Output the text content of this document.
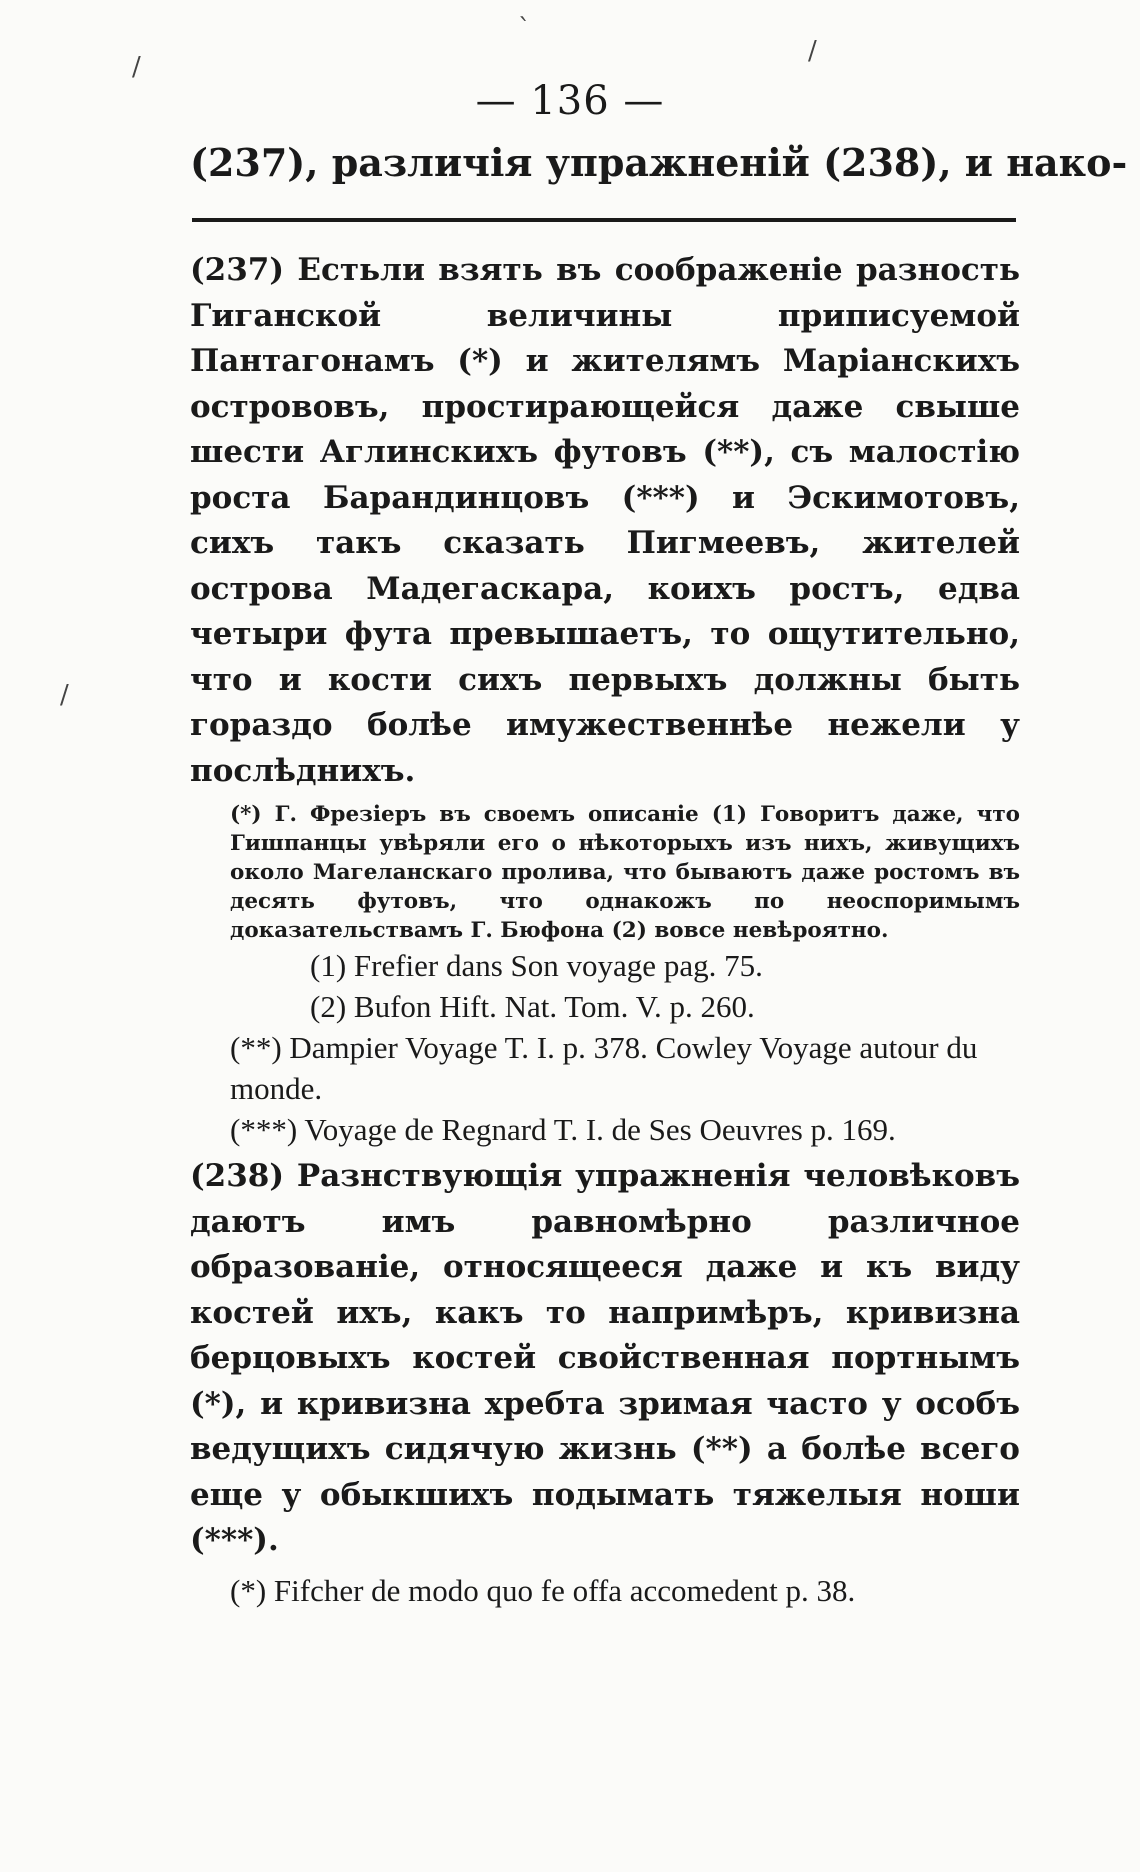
— 136 —
(237), различія упражненій (238), и нако-

(237) Естьли взять въ соображеніе разность Гиганской величины приписуемой Пантагонамъ (*) и жителямъ Маріанскихъ острововъ, простирающейся даже свыше шести Аглинскихъ футовъ (**), съ малостію роста Барандинцовъ (***) и Эскимотовъ, сихъ такъ сказать Пигмеевъ, жителей острова Мадегаскара, коихъ ростъ, едва четыри фута превышаетъ, то ощутительно, что и кости сихъ первыхъ должны быть гораздо болѣе имужественнѣе нежели у послѣднихъ.

(*) Г. Фрезіеръ въ своемъ описаніе (1) Говоритъ даже, что Гишпанцы увѣряли его о нѣкоторыхъ изъ нихъ, живущихъ около Магеланскаго пролива, что бываютъ даже ростомъ въ десять футовъ, что однакожъ по неоспоримымъ доказательствамъ Г. Бюфона (2) вовсе невѣроятно.

(1) Frefier dans Son voyage pag. 75.

(2) Bufon Hift. Nat. Tom. V. p. 260.

(**) Dampier Voyage T. I. p. 378. Cowley Voyage autour du monde.

(***) Voyage de Regnard T. I. de Ses Oeuvres p. 169.

(238) Разнствующія упражненія человѣковъ даютъ имъ равномѣрно различное образованіе, относящееся даже и къ виду костей ихъ, какъ то напримѣръ, кривизна берцовыхъ костей свойственная портнымъ (*), и кривизна хребта зримая часто у особъ ведущихъ сидячую жизнь (**) а болѣе всего еще у обыкшихъ подымать тяжелыя ноши (***).

(*) Fifcher de modo quo fe offa accomedent p. 38.

`
/
/
/
